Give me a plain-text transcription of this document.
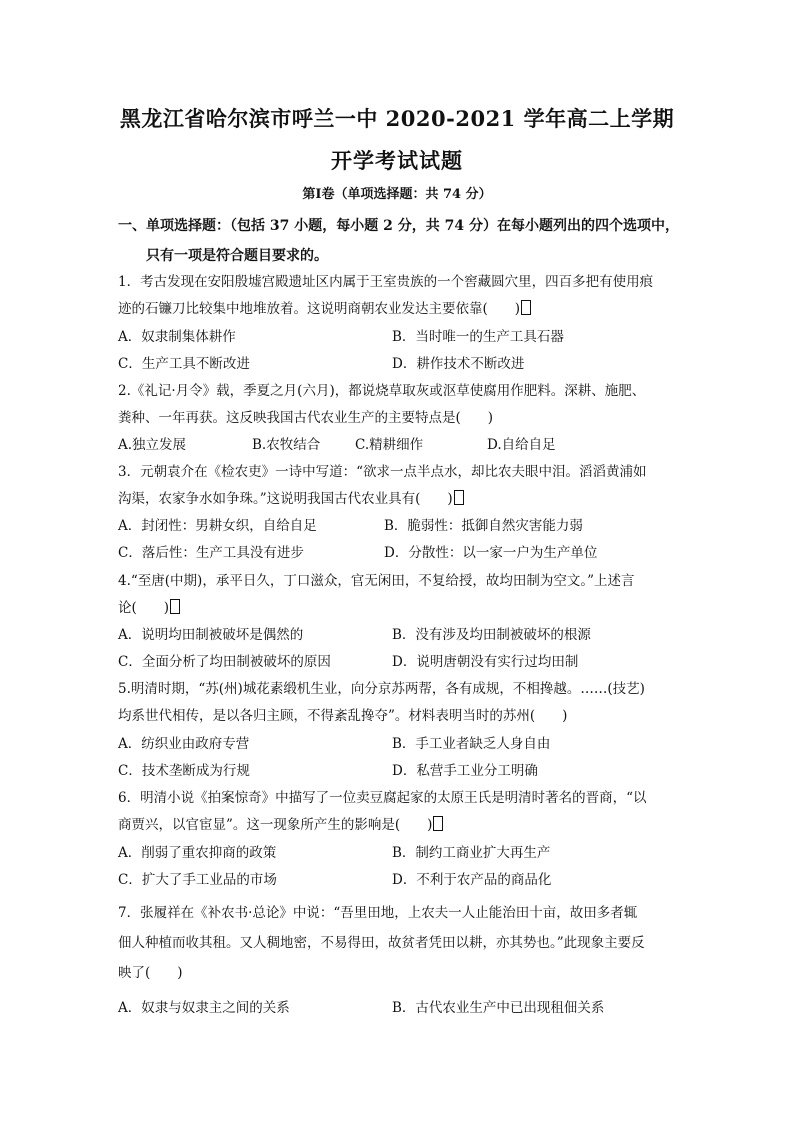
黑龙江省哈尔滨市呼兰一中 2020-2021 学年高二上学期
开学考试试题
第Ⅰ卷（单项选择题：共 74 分）
一、单项选择题：（包括 37 小题，每小题 2 分，共 74 分）在每小题列出的四个选项中，
只有一项是符合题目要求的。
1．考古发现在安阳殷墟宫殿遗址区内属于王室贵族的一个窖藏圆穴里，四百多把有使用痕
迹的石镰刀比较集中地堆放着。这说明商朝农业发达主要依靠(　　)
A．奴隶制集体耕作	B．当时唯一的生产工具石器
C．生产工具不断改进	D．耕作技术不断改进
2.《礼记·月令》载，季夏之月(六月)，都说烧草取灰或沤草使腐用作肥料。深耕、施肥、
粪种、一年再获。这反映我国古代农业生产的主要特点是(　　)
A.独立发展	B.农牧结合	C.精耕细作	D.自给自足
3．元朝袁介在《检农吏》一诗中写道：“欲求一点半点水，却比农夫眼中泪。滔滔黄浦如
沟渠，农家争水如争珠。”这说明我国古代农业具有(　　)
A．封闭性：男耕女织，自给自足	B．脆弱性：抵御自然灾害能力弱
C．落后性：生产工具没有进步	D．分散性：以一家一户为生产单位
4.“至唐(中期)，承平日久，丁口滋众，官无闲田，不复给授，故均田制为空文。”上述言
论(　　)
A．说明均田制被破坏是偶然的	B．没有涉及均田制被破坏的根源
C．全面分析了均田制被破坏的原因	D．说明唐朝没有实行过均田制
5.明清时期，“苏(州)城花素缎机生业，向分京苏两帮，各有成规，不相搀越。……(技艺)
均系世代相传，是以各归主顾，不得紊乱搀夺”。材料表明当时的苏州(　　)
A．纺织业由政府专营	B．手工业者缺乏人身自由
C．技术垄断成为行规	D．私营手工业分工明确
6．明清小说《拍案惊奇》中描写了一位卖豆腐起家的太原王氏是明清时著名的晋商，“以
商贾兴，以官宦显”。这一现象所产生的影响是(　　)
A．削弱了重农抑商的政策	B．制约工商业扩大再生产
C．扩大了手工业品的市场	D．不利于农产品的商品化
7．张履祥在《补农书·总论》中说：“吾里田地，上农夫一人止能治田十亩，故田多者辄
佃人种植而收其租。又人稠地密，不易得田，故贫者凭田以耕，亦其势也。”此现象主要反
映了(　　)
A．奴隶与奴隶主之间的关系	B．古代农业生产中已出现租佃关系
